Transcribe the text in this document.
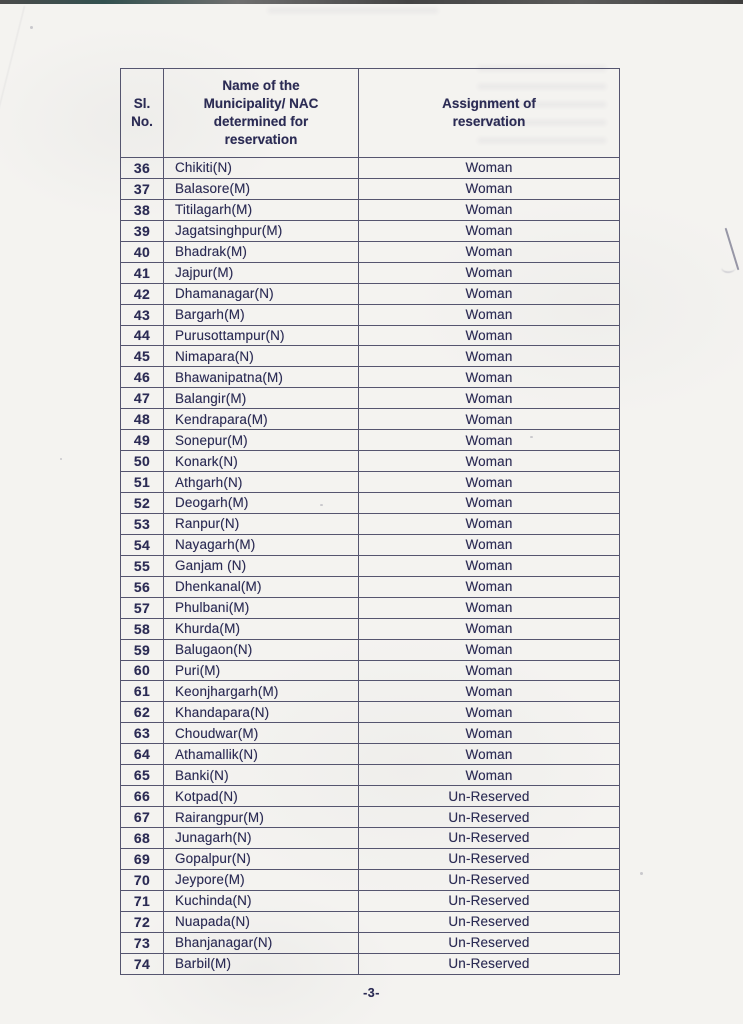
Sl. No.	Name of the Municipality/ NAC determined for reservation	Assignment of reservation

36	Chikiti(N)	Woman
37	Balasore(M)	Woman
38	Titilagarh(M)	Woman
39	Jagatsinghpur(M)	Woman
40	Bhadrak(M)	Woman
41	Jajpur(M)	Woman
42	Dhamanagar(N)	Woman
43	Bargarh(M)	Woman
44	Purusottampur(N)	Woman
45	Nimapara(N)	Woman
46	Bhawanipatna(M)	Woman
47	Balangir(M)	Woman
48	Kendrapara(M)	Woman
49	Sonepur(M)	Woman
50	Konark(N)	Woman
51	Athgarh(N)	Woman
52	Deogarh(M)	Woman
53	Ranpur(N)	Woman
54	Nayagarh(M)	Woman
55	Ganjam (N)	Woman
56	Dhenkanal(M)	Woman
57	Phulbani(M)	Woman
58	Khurda(M)	Woman
59	Balugaon(N)	Woman
60	Puri(M)	Woman
61	Keonjhargarh(M)	Woman
62	Khandapara(N)	Woman
63	Choudwar(M)	Woman
64	Athamallik(N)	Woman
65	Banki(N)	Woman
66	Kotpad(N)	Un-Reserved
67	Rairangpur(M)	Un-Reserved
68	Junagarh(N)	Un-Reserved
69	Gopalpur(N)	Un-Reserved
70	Jeypore(M)	Un-Reserved
71	Kuchinda(N)	Un-Reserved
72	Nuapada(N)	Un-Reserved
73	Bhanjanagar(N)	Un-Reserved
74	Barbil(M)	Un-Reserved
-3-
